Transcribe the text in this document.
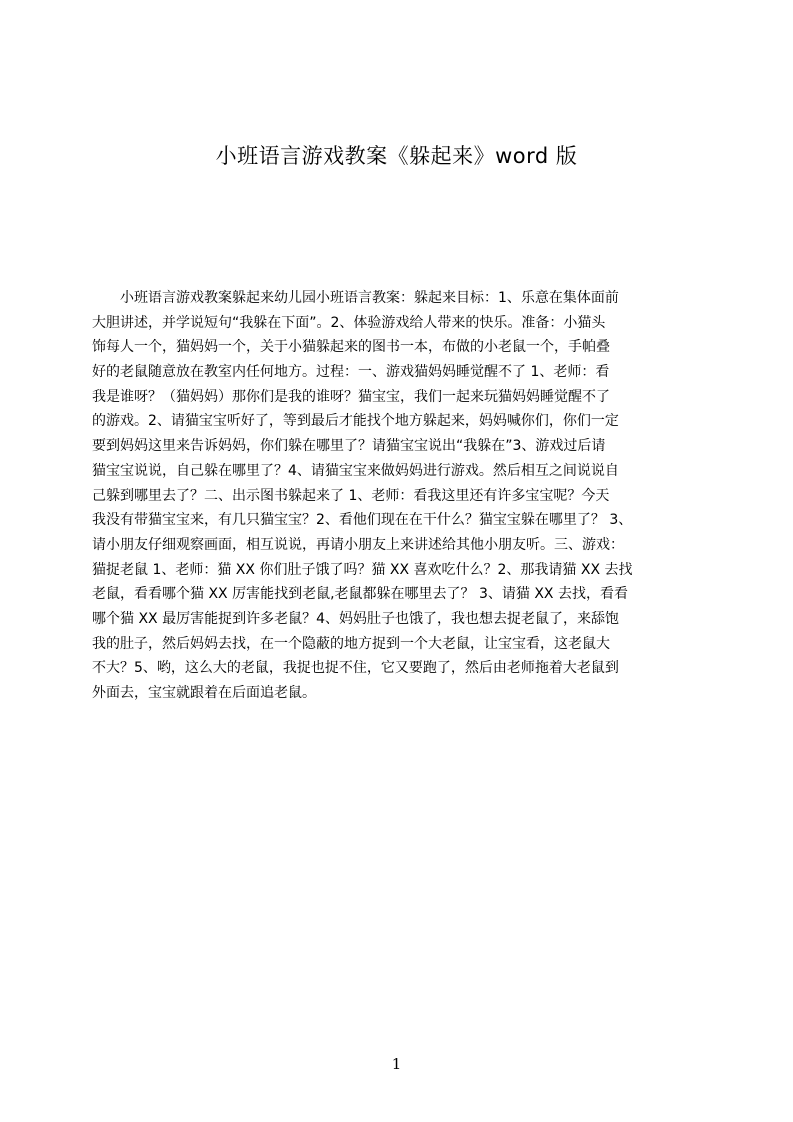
小班语言游戏教案《躲起来》word 版
　　小班语言游戏教案躲起来幼儿园小班语言教案：躲起来目标：1、乐意在集体面前
大胆讲述，并学说短句“我躲在下面”。2、体验游戏给人带来的快乐。准备：小猫头
饰每人一个，猫妈妈一个，关于小猫躲起来的图书一本，布做的小老鼠一个，手帕叠
好的老鼠随意放在教室内任何地方。过程：一、游戏猫妈妈睡觉醒不了 1、老师：看
我是谁呀？（猫妈妈）那你们是我的谁呀？猫宝宝，我们一起来玩猫妈妈睡觉醒不了
的游戏。2、请猫宝宝听好了，等到最后才能找个地方躲起来，妈妈喊你们，你们一定
要到妈妈这里来告诉妈妈，你们躲在哪里了？请猫宝宝说出“我躲在”3、游戏过后请
猫宝宝说说，自己躲在哪里了？4、请猫宝宝来做妈妈进行游戏。然后相互之间说说自
己躲到哪里去了？二、出示图书躲起来了 1、老师：看我这里还有许多宝宝呢？今天
我没有带猫宝宝来，有几只猫宝宝？2、看他们现在在干什么？猫宝宝躲在哪里了？ 3、
请小朋友仔细观察画面，相互说说，再请小朋友上来讲述给其他小朋友听。三、游戏：
猫捉老鼠 1、老师：猫 XX 你们肚子饿了吗？猫 XX 喜欢吃什么？2、那我请猫 XX 去找
老鼠，看看哪个猫 XX 厉害能找到老鼠,老鼠都躲在哪里去了？ 3、请猫 XX 去找，看看
哪个猫 XX 最厉害能捉到许多老鼠？4、妈妈肚子也饿了，我也想去捉老鼠了，来舔饱
我的肚子，然后妈妈去找，在一个隐蔽的地方捉到一个大老鼠，让宝宝看，这老鼠大
不大？5、哟，这么大的老鼠，我捉也捉不住，它又要跑了，然后由老师拖着大老鼠到
外面去，宝宝就跟着在后面追老鼠。
1
